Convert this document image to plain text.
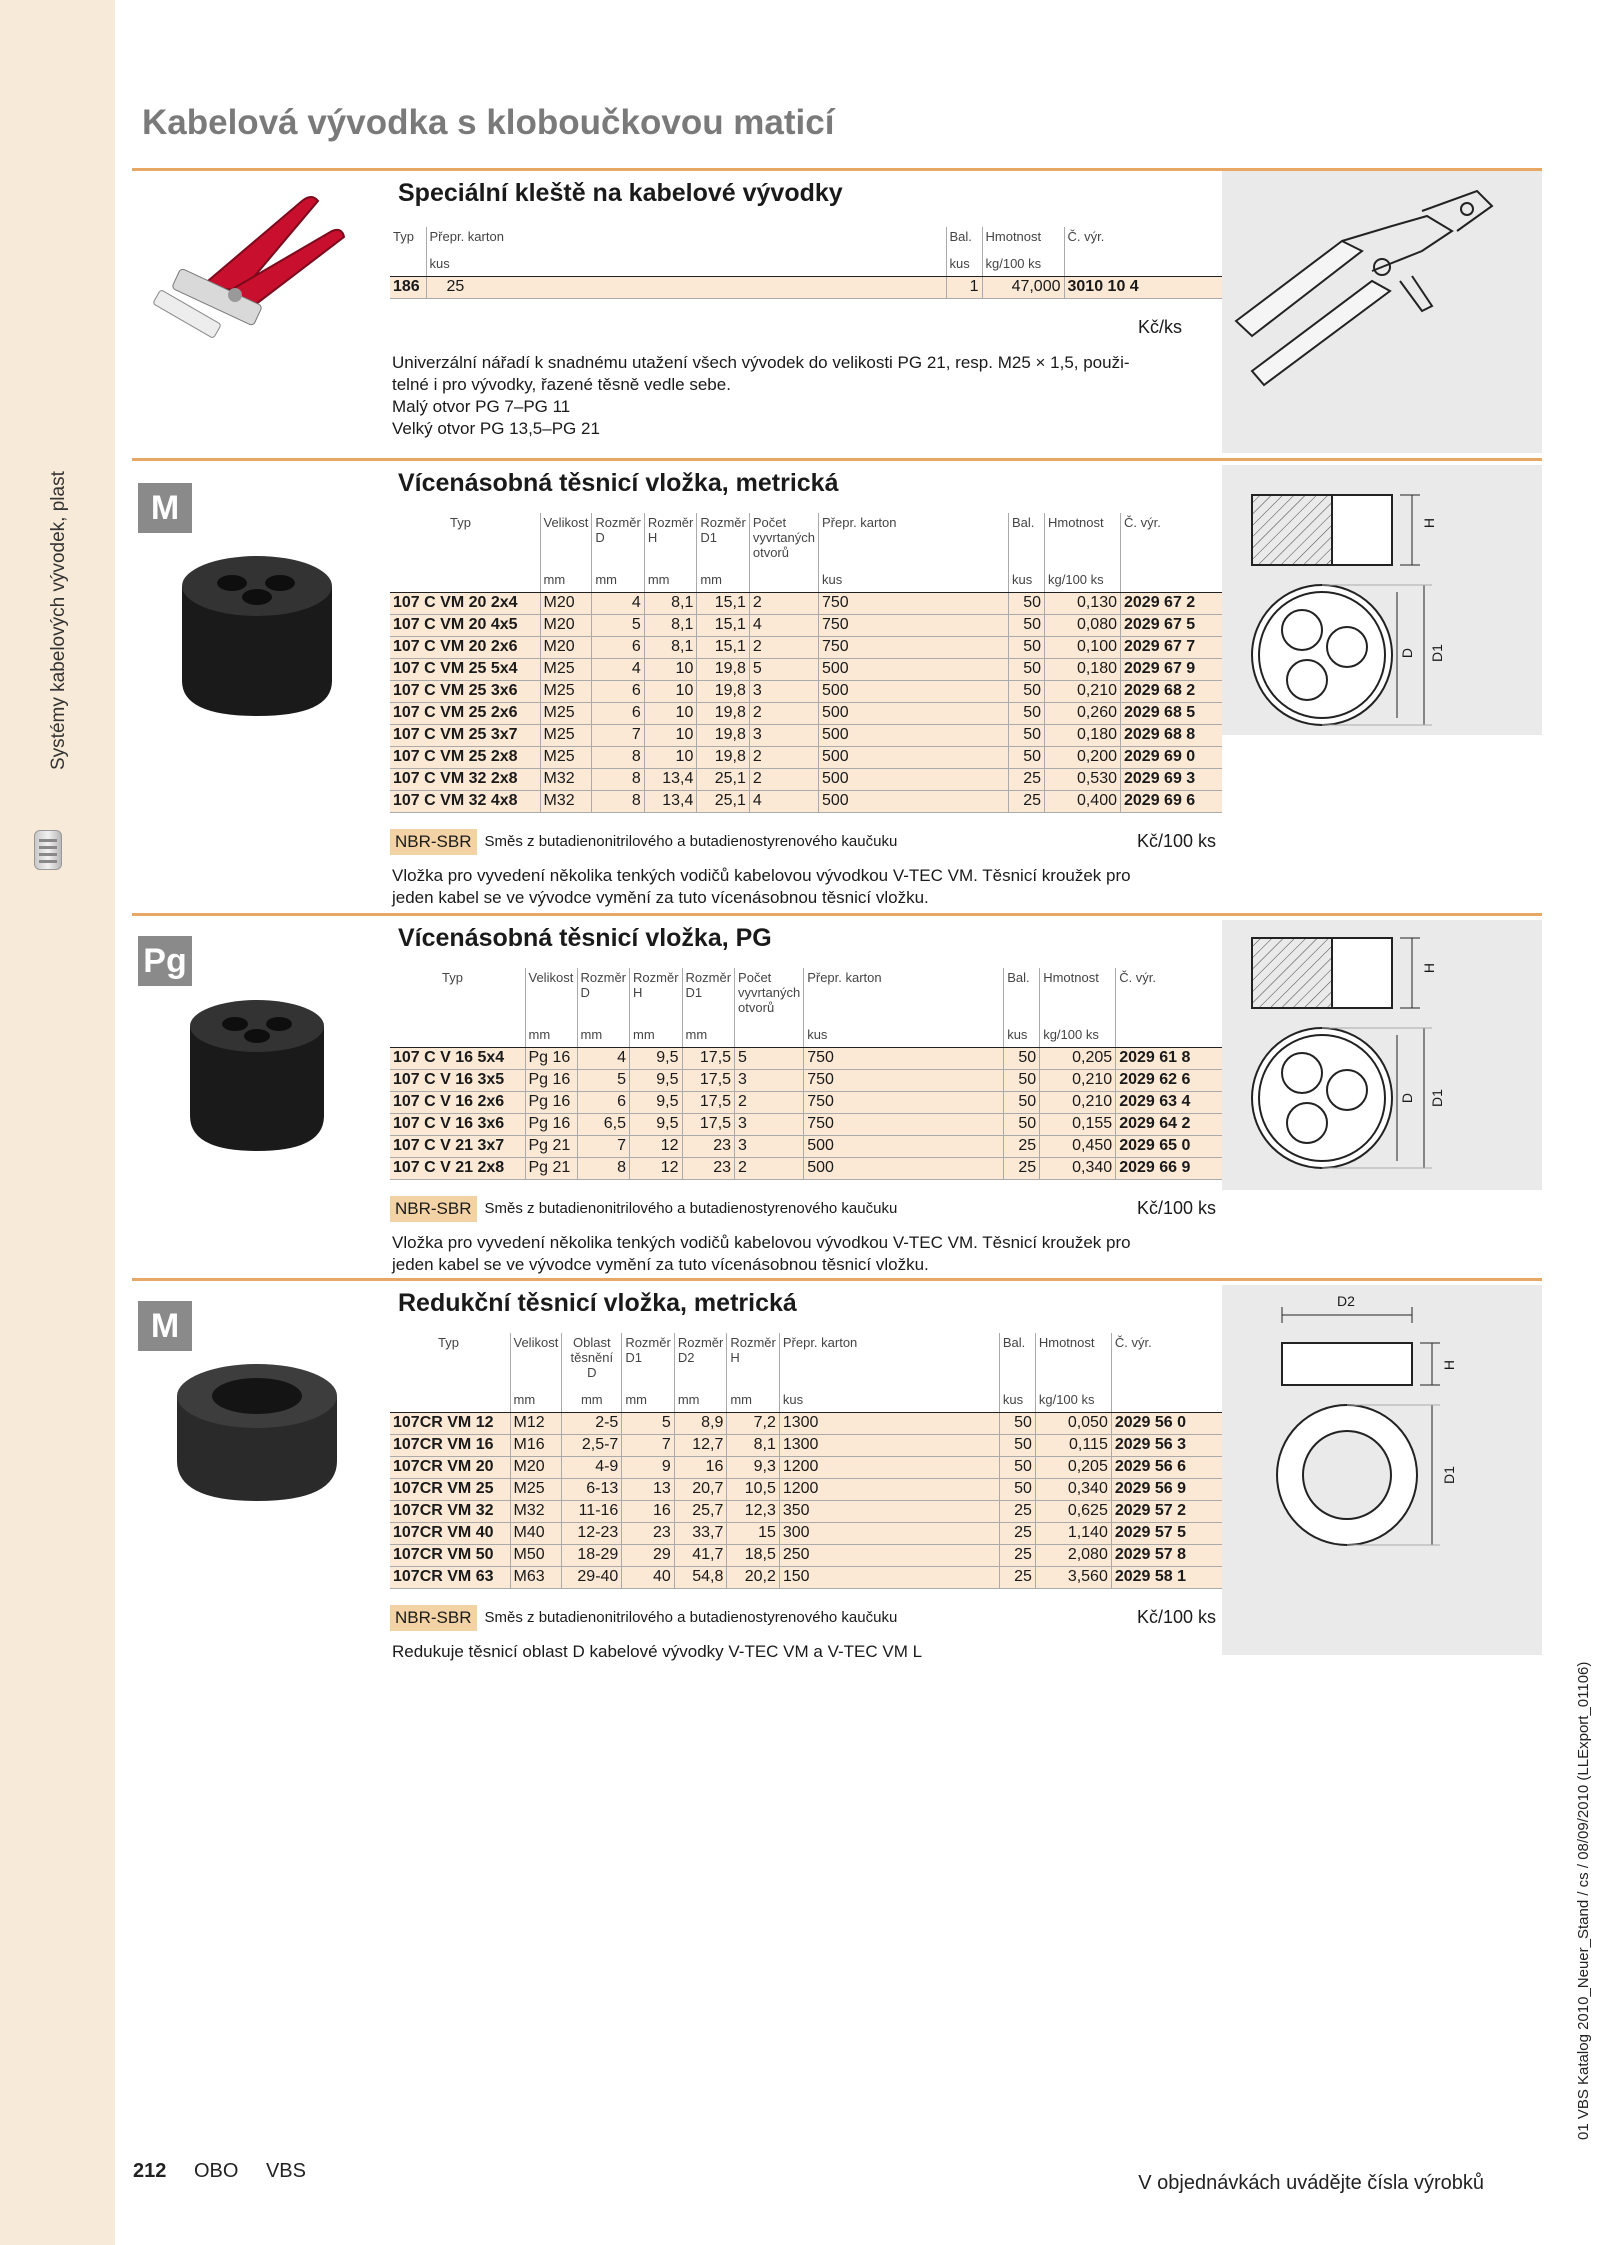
Systémy kabelových vývodek, plast
01 VBS Katalog 2010_Neuer_Stand / cs / 08/09/2010 (LLExport_01106)
Kabelová vývodka s kloboučkovou maticí
Speciální kleště na kabelové vývodky
Typ	Přepr. karton	Bal.	Hmotnost	Č. výr.
	kus	kus	kg/100 ks	
186	25	1	47,000	3010 10 4
Kč/ks
Univerzální nářadí k snadnému utažení všech vývodek do velikosti PG 21, resp. M25 × 1,5, použi-
telné i pro vývodky, řazené těsně vedle sebe.
Malý otvor PG 7–PG 11
Velký otvor PG 13,5–PG 21
M
Vícenásobná těsnicí vložka, metrická
Typ	Velikost	Rozměr D	Rozměr H	Rozměr D1	Počet vyvrtaných otvorů	Přepr. karton	Bal.	Hmotnost	Č. výr.
	mm	mm	mm	mm		kus	kus	kg/100 ks	
107 C VM 20 2x4	M20	4	8,1	15,1	2	750	50	0,130	2029 67 2
107 C VM 20 4x5	M20	5	8,1	15,1	4	750	50	0,080	2029 67 5
107 C VM 20 2x6	M20	6	8,1	15,1	2	750	50	0,100	2029 67 7
107 C VM 25 5x4	M25	4	10	19,8	5	500	50	0,180	2029 67 9
107 C VM 25 3x6	M25	6	10	19,8	3	500	50	0,210	2029 68 2
107 C VM 25 2x6	M25	6	10	19,8	2	500	50	0,260	2029 68 5
107 C VM 25 3x7	M25	7	10	19,8	3	500	50	0,180	2029 68 8
107 C VM 25 2x8	M25	8	10	19,8	2	500	50	0,200	2029 69 0
107 C VM 32 2x8	M32	8	13,4	25,1	2	500	25	0,530	2029 69 3
107 C VM 32 4x8	M32	8	13,4	25,1	4	500	25	0,400	2029 69 6
NBR-SBR Směs z butadienonitrilového a butadienostyrenového kaučuku	Kč/100 ks
Vložka pro vyvedení několika tenkých vodičů kabelovou vývodkou V-TEC VM. Těsnicí kroužek pro
jeden kabel se ve vývodce vymění za tuto vícenásobnou těsnicí vložku.
H
D D1
Pg
Vícenásobná těsnicí vložka, PG
Typ	Velikost	Rozměr D	Rozměr H	Rozměr D1	Počet vyvrtaných otvorů	Přepr. karton	Bal.	Hmotnost	Č. výr.
	mm	mm	mm	mm		kus	kus	kg/100 ks	
107 C V 16 5x4	Pg 16	4	9,5	17,5	5	750	50	0,205	2029 61 8
107 C V 16 3x5	Pg 16	5	9,5	17,5	3	750	50	0,210	2029 62 6
107 C V 16 2x6	Pg 16	6	9,5	17,5	2	750	50	0,210	2029 63 4
107 C V 16 3x6	Pg 16	6,5	9,5	17,5	3	750	50	0,155	2029 64 2
107 C V 21 3x7	Pg 21	7	12	23	3	500	25	0,450	2029 65 0
107 C V 21 2x8	Pg 21	8	12	23	2	500	25	0,340	2029 66 9
NBR-SBR Směs z butadienonitrilového a butadienostyrenového kaučuku	Kč/100 ks
Vložka pro vyvedení několika tenkých vodičů kabelovou vývodkou V-TEC VM. Těsnicí kroužek pro
jeden kabel se ve vývodce vymění za tuto vícenásobnou těsnicí vložku.
H
D D1
M
Redukční těsnicí vložka, metrická
Typ	Velikost	Oblast těsnění D	Rozměr D1	Rozměr D2	Rozměr H	Přepr. karton	Bal.	Hmotnost	Č. výr.
	mm	mm	mm	mm	mm	kus	kus	kg/100 ks	
107CR VM 12	M12	2-5	5	8,9	7,2	1300	50	0,050	2029 56 0
107CR VM 16	M16	2,5-7	7	12,7	8,1	1300	50	0,115	2029 56 3
107CR VM 20	M20	4-9	9	16	9,3	1200	50	0,205	2029 56 6
107CR VM 25	M25	6-13	13	20,7	10,5	1200	50	0,340	2029 56 9
107CR VM 32	M32	11-16	16	25,7	12,3	350	25	0,625	2029 57 2
107CR VM 40	M40	12-23	23	33,7	15	300	25	1,140	2029 57 5
107CR VM 50	M50	18-29	29	41,7	18,5	250	25	2,080	2029 57 8
107CR VM 63	M63	29-40	40	54,8	20,2	150	25	3,560	2029 58 1
NBR-SBR Směs z butadienonitrilového a butadienostyrenového kaučuku	Kč/100 ks
Redukuje těsnicí oblast D kabelové vývodky V-TEC VM a V-TEC VM L
D2
H
D1
212 OBO VBS
V objednávkách uvádějte čísla výrobků
